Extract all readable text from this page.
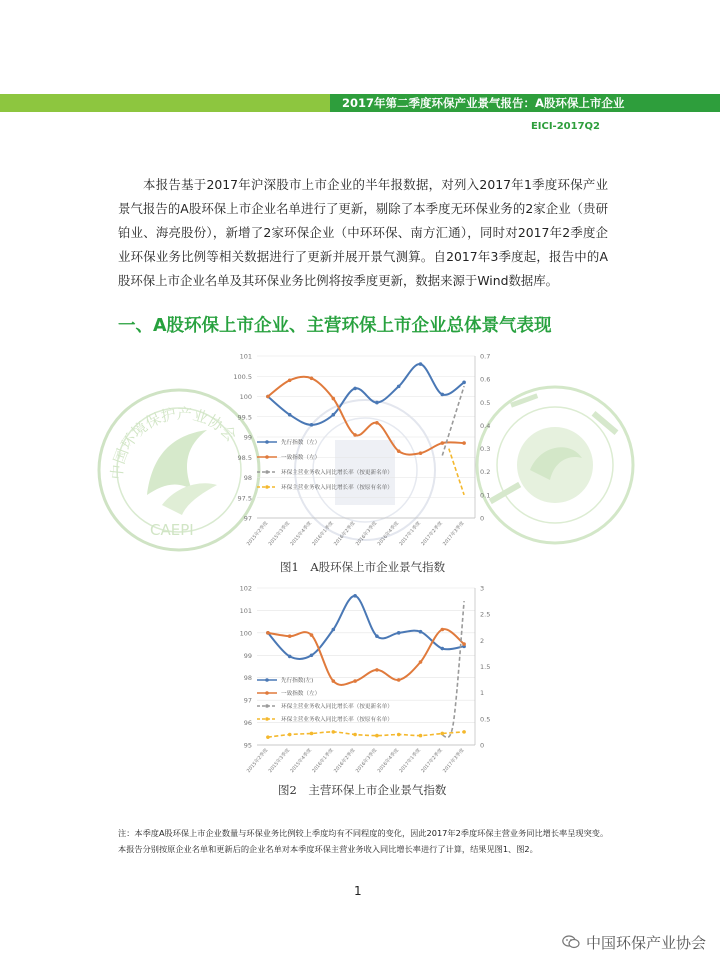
2017年第二季度环保产业景气报告：A股环保上市企业
EICI-2017Q2
本报告基于2017年沪深股市上市企业的半年报数据，对列入2017年1季度环保产业景气报告的A股环保上市企业名单进行了更新，剔除了本季度无环保业务的2家企业（贵研铂业、海亮股份），新增了2家环保企业（中环环保、南方汇通），同时对2017年2季度企业环保业务比例等相关数据进行了更新并展开景气测算。自2017年3季度起，报告中的A股环保上市企业名单及其环保业务比例将按季度更新，数据来源于Wind数据库。
一、A股环保上市企业、主营环保上市企业总体景气表现
中国环境保护产业协会
CAEPI
97
97.5
98
98.5
99
99.5
100
100.5
101
0
0.1
0.2
0.3
0.4
0.5
0.6
0.7
2015年2季度
2015年3季度
2015年4季度
2016年1季度
2016年2季度
2016年3季度
2016年4季度
2017年1季度
2017年2季度
2017年3季度
先行指数（左）
一致指数（左）
环保主营业务收入同比增长率（按更新名单）
环保主营业务收入同比增长率（按原有名单）
图1　A股环保上市企业景气指数
95
96
97
98
99
100
101
102
0
0.5
1
1.5
2
2.5
3
2015年2季度
2015年3季度
2015年4季度
2016年1季度
2016年2季度
2016年3季度
2016年4季度
2017年1季度
2017年2季度
2017年3季度
先行指数(左)
一致指数（左）
环保主营业务收入同比增长率（按更新名单）
环保主营业务收入同比增长率（按原有名单）
图2　主营环保上市企业景气指数
注：本季度A股环保上市企业数量与环保业务比例较上季度均有不同程度的变化，因此2017年2季度环保主营业务同比增长率呈现突变。本报告分别按原企业名单和更新后的企业名单对本季度环保主营业务收入同比增长率进行了计算，结果见图1、图2。
1
中国环保产业协会
